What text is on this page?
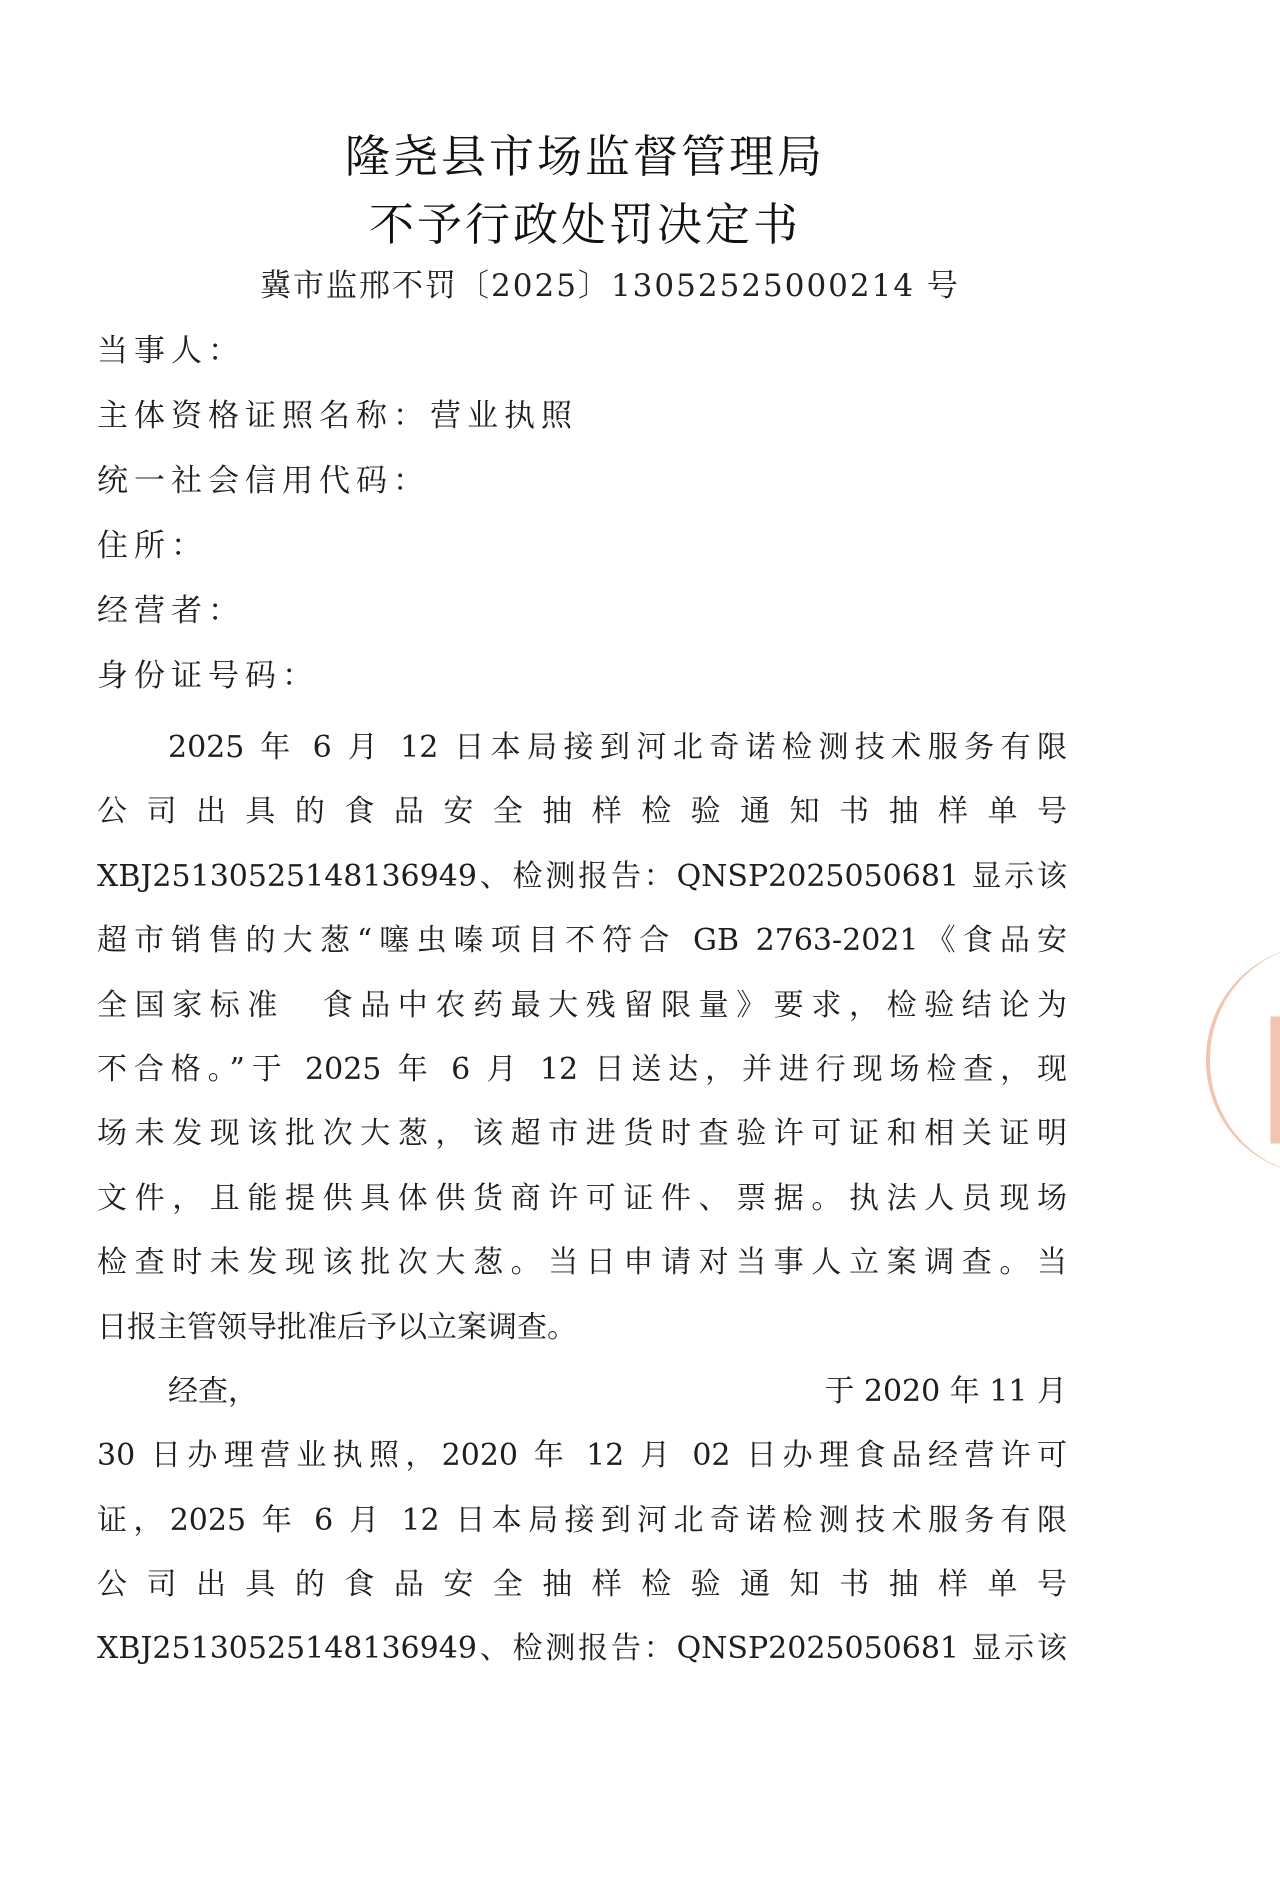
隆尧县市场监督管理局
不予行政处罚决定书
冀市监邢不罚〔2025〕13052525000214 号
当事人：
主体资格证照名称：营业执照
统一社会信用代码：
住所：
经营者：
身份证号码：
2025 年 6 月 12 日本局接到河北奇诺检测技术服务有限
公司出具的食品安全抽样检验通知书抽样单号
XBJ25130525148136949、检测报告：QNSP2025050681 显示该
超市销售的大葱“噻虫嗪项目不符合 GB 2763-2021《食品安
全国家标准　食品中农药最大残留限量》要求，检验结论为
不合格。”于 2025 年 6 月 12 日送达，并进行现场检查，现
场未发现该批次大葱，该超市进货时查验许可证和相关证明
文件，且能提供具体供货商许可证件、票据。执法人员现场
检查时未发现该批次大葱。当日申请对当事人立案调查。当
日报主管领导批准后予以立案调查。
经查，	于 2020 年 11 月
30 日办理营业执照，2020 年 12 月 02 日办理食品经营许可
证，2025 年 6 月 12 日本局接到河北奇诺检测技术服务有限
公司出具的食品安全抽样检验通知书抽样单号
XBJ25130525148136949、检测报告：QNSP2025050681 显示该
